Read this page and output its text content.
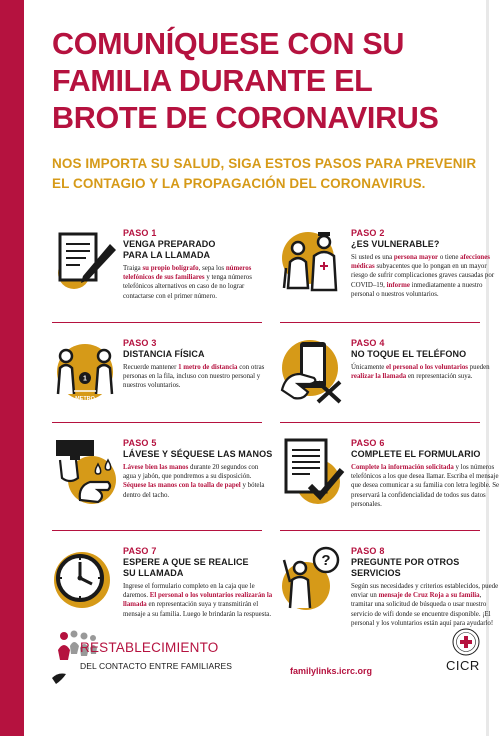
COMUNÍQUESE CON SU
FAMILIA DURANTE EL
BROTE DE CORONAVIRUS
NOS IMPORTA SU SALUD, SIGA ESTOS PASOS PARA PREVENIR
EL CONTAGIO Y LA PROPAGACIÓN DEL CORONAVIRUS.
PASO 1
VENGA PREPARADO
PARA LA LLAMADA
Traiga su propio bolígrafo, sepa los números telefónicos de sus familiares y tenga números telefónicos alternativos en caso de no lograr contactarse con el primer número.
PASO 2
¿ES VULNERABLE?
Si usted es una persona mayor o tiene afecciones médicas subyacentes que lo pongan en un mayor riesgo de sufrir complicaciones graves causadas por COVID–19, informe inmediatamente a nuestro personal o nuestros voluntarios.
1
METRO
PASO 3
DISTANCIA FÍSICA
Recuerde mantener 1 metro de distancia con otras personas en la fila, incluso con nuestro personal y nuestros voluntarios.
PASO 4
NO TOQUE EL TELÉFONO
Únicamente el personal o los voluntarios pueden realizar la llamada en representación suya.
PASO 5
LÁVESE Y SÉQUESE LAS MANOS
Lávese bien las manos durante 20 segundos con agua y jabón, que pondremos a su disposición. Séquese las manos con la toalla de papel y bótela dentro del tacho.
PASO 6
COMPLETE EL FORMULARIO
Complete la información solicitada y los números telefónicos a los que desea llamar. Escriba el mensaje que desea comunicar a su familia con letra legible. Se preservará la confidencialidad de todos sus datos personales.
PASO 7
ESPERE A QUE SE REALICE
SU LLAMADA
Ingrese el formulario completo en la caja que le daremos. El personal o los voluntarios realizarán la llamada en representación suya y transmitirán el mensaje a su familia. Luego le brindarán la respuesta.
?
PASO 8
PREGUNTE POR OTROS
SERVICIOS
Según sus necesidades y criterios establecidos, puede enviar un mensaje de Cruz Roja a su familia, tramitar una solicitud de búsqueda o usar nuestro servicio de wifi donde se encuentre disponible. ¡El personal y los voluntarios están aquí para ayudarlo!
RESTABLECIMIENTO
DEL CONTACTO ENTRE FAMILIARES	familylinks.icrc.org	CICR
